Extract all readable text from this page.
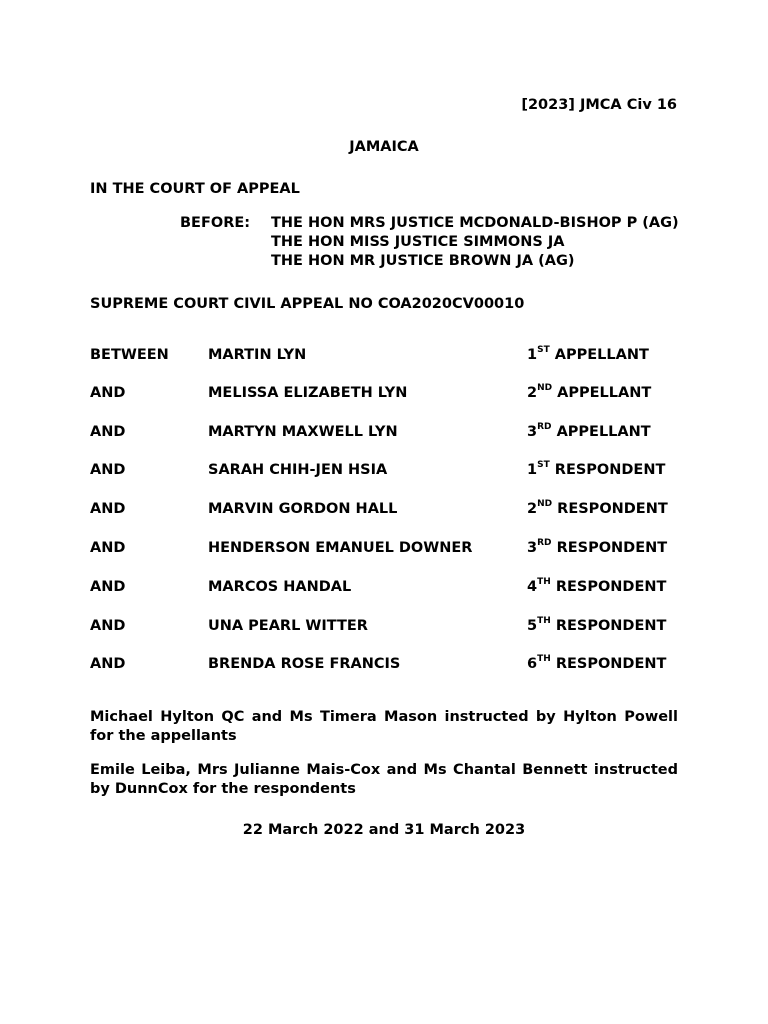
[2023] JMCA Civ 16
JAMAICA
IN THE COURT OF APPEAL
BEFORE: THE HON MRS JUSTICE MCDONALD-BISHOP P (AG)
THE HON MISS JUSTICE SIMMONS JA
THE HON MR JUSTICE BROWN JA (AG)
SUPREME COURT CIVIL APPEAL NO COA2020CV00010
BETWEEN	MARTIN LYN	1ST APPELLANT
AND	MELISSA ELIZABETH LYN	2ND APPELLANT
AND	MARTYN MAXWELL LYN	3RD APPELLANT
AND	SARAH CHIH-JEN HSIA	1ST RESPONDENT
AND	MARVIN GORDON HALL	2ND RESPONDENT
AND	HENDERSON EMANUEL DOWNER	3RD RESPONDENT
AND	MARCOS HANDAL	4TH RESPONDENT
AND	UNA PEARL WITTER	5TH RESPONDENT
AND	BRENDA ROSE FRANCIS	6TH RESPONDENT
Michael Hylton QC and Ms Timera Mason instructed by Hylton Powell for the appellants
Emile Leiba, Mrs Julianne Mais-Cox and Ms Chantal Bennett instructed by DunnCox for the respondents
22 March 2022 and 31 March 2023
